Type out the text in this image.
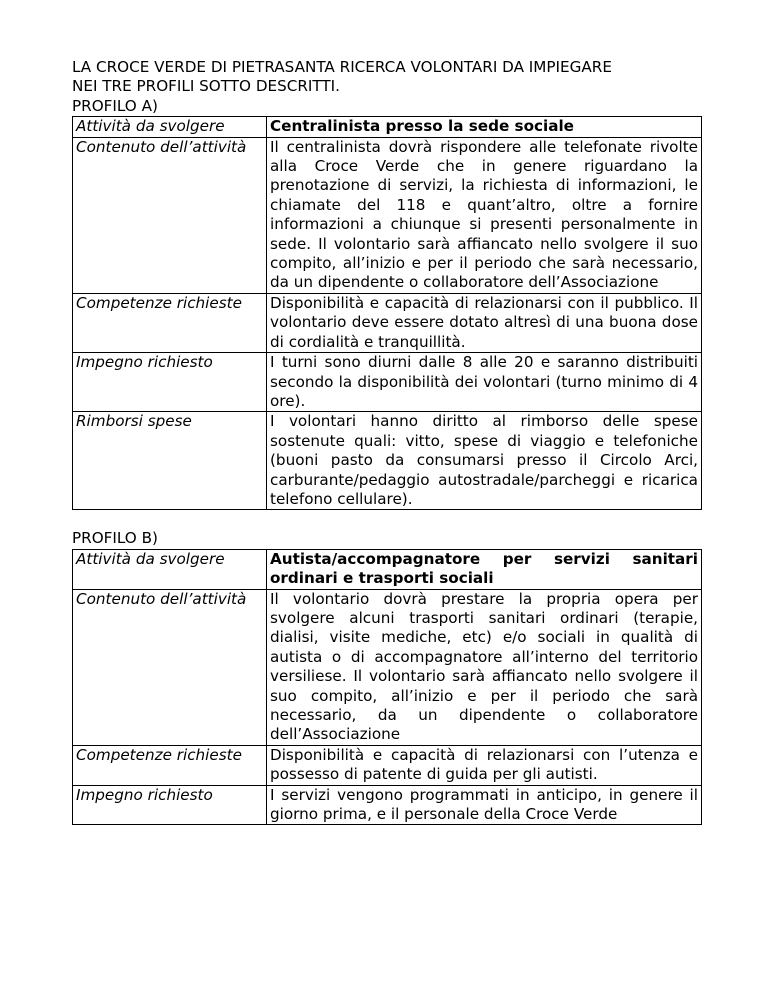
LA CROCE VERDE DI PIETRASANTA RICERCA VOLONTARI DA IMPIEGARE

NEI TRE PROFILI SOTTO DESCRITTI.

PROFILO A)

Attività da svolgere	Centralinista presso la sede sociale
Contenuto dell’attività	Il centralinista dovrà rispondere alle telefonate rivolte alla Croce Verde che in genere riguardano la prenotazione di servizi, la richiesta di informazioni, le chiamate del 118 e quant’altro, oltre a fornire informazioni a chiunque si presenti personalmente in sede. Il volontario sarà affiancato nello svolgere il suo compito, all’inizio e per il periodo che sarà necessario, da un dipendente o collaboratore dell’Associazione
Competenze richieste	Disponibilità e capacità di relazionarsi con il pubblico. Il volontario deve essere dotato altresì di una buona dose di cordialità e tranquillità.
Impegno richiesto	I turni sono diurni dalle 8 alle 20 e saranno distribuiti secondo la disponibilità dei volontari (turno minimo di 4 ore).
Rimborsi spese	I volontari hanno diritto al rimborso delle spese sostenute quali: vitto, spese di viaggio e telefoniche (buoni pasto da consumarsi presso il Circolo Arci, carburante/pedaggio autostradale/parcheggi e ricarica telefono cellulare).

PROFILO B)

Attività da svolgere	Autista/accompagnatore per servizi sanitari ordinari e trasporti sociali
Contenuto dell’attività	Il volontario dovrà prestare la propria opera per svolgere alcuni trasporti sanitari ordinari (terapie, dialisi, visite mediche, etc) e/o sociali in qualità di autista o di accompagnatore all’interno del territorio versiliese. Il volontario sarà affiancato nello svolgere il suo compito, all’inizio e per il periodo che sarà necessario, da un dipendente o collaboratore dell’Associazione
Competenze richieste	Disponibilità e capacità di relazionarsi con l’utenza e possesso di patente di guida per gli autisti.
Impegno richiesto	I servizi vengono programmati in anticipo, in genere il giorno prima, e il personale della Croce Verde
